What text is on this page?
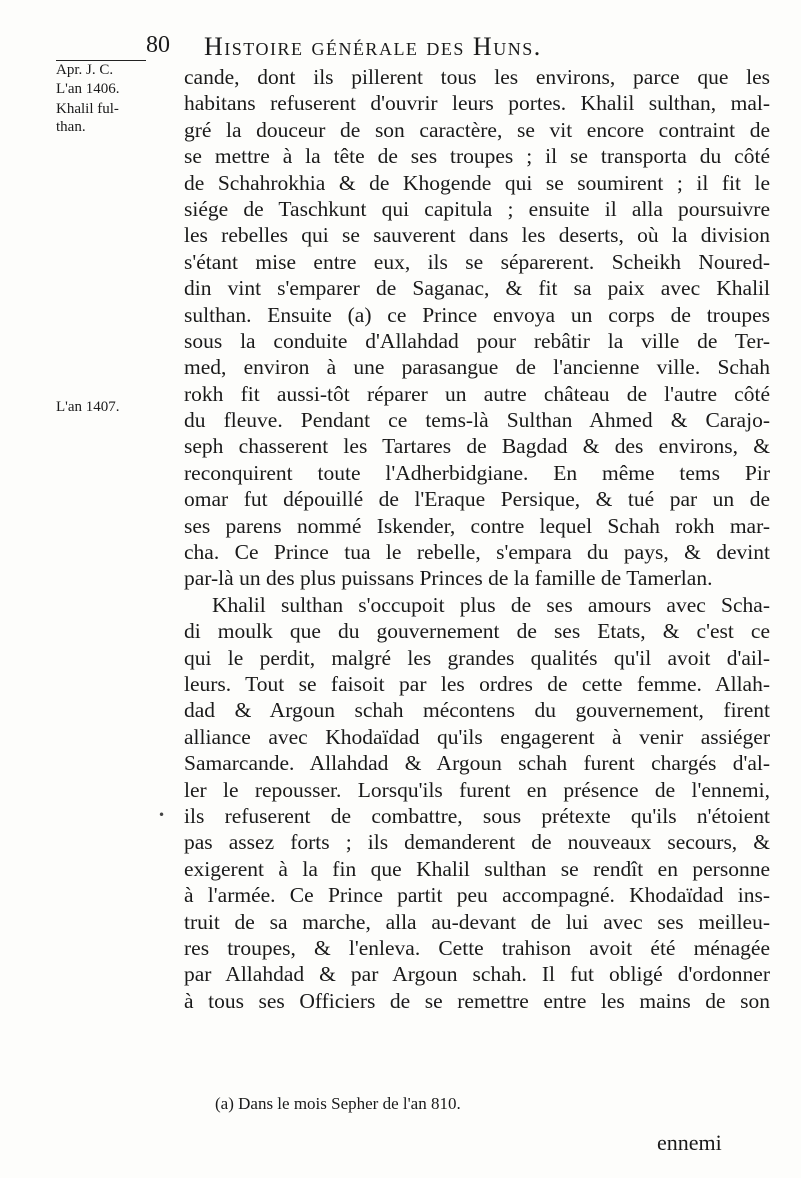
80 Histoire générale des Huns.
Apr. J. C.
L'an 1406.
Khalil ful-
than.
L'an 1407.
cande, dont ils pillerent tous les environs, parce que les
habitans refuserent d'ouvrir leurs portes. Khalil sulthan, mal-
gré la douceur de son caractère, se vit encore contraint de
se mettre à la tête de ses troupes ; il se transporta du côté
de Schahrokhia & de Khogende qui se soumirent ; il fit le
siége de Taschkunt qui capitula ; ensuite il alla poursuivre
les rebelles qui se sauverent dans les deserts, où la division
s'étant mise entre eux, ils se séparerent. Scheikh Noured-
din vint s'emparer de Saganac, & fit sa paix avec Khalil
sulthan. Ensuite (a) ce Prince envoya un corps de troupes
sous la conduite d'Allahdad pour rebâtir la ville de Ter-
med, environ à une parasangue de l'ancienne ville. Schah
rokh fit aussi-tôt réparer un autre château de l'autre côté
du fleuve. Pendant ce tems-là Sulthan Ahmed & Carajo-
seph chasserent les Tartares de Bagdad & des environs, &
reconquirent toute l'Adherbidgiane. En même tems Pir
omar fut dépouillé de l'Eraque Persique, & tué par un de
ses parens nommé Iskender, contre lequel Schah rokh mar-
cha. Ce Prince tua le rebelle, s'empara du pays, & devint
par-là un des plus puissans Princes de la famille de Tamerlan.
Khalil sulthan s'occupoit plus de ses amours avec Scha-
di moulk que du gouvernement de ses Etats, & c'est ce
qui le perdit, malgré les grandes qualités qu'il avoit d'ail-
leurs. Tout se faisoit par les ordres de cette femme. Allah-
dad & Argoun schah mécontens du gouvernement, firent
alliance avec Khodaïdad qu'ils engagerent à venir assiéger
Samarcande. Allahdad & Argoun schah furent chargés d'al-
ler le repousser. Lorsqu'ils furent en présence de l'ennemi,
ils refuserent de combattre, sous prétexte qu'ils n'étoient
pas assez forts ; ils demanderent de nouveaux secours, &
exigerent à la fin que Khalil sulthan se rendît en personne
à l'armée. Ce Prince partit peu accompagné. Khodaïdad ins-
truit de sa marche, alla au-devant de lui avec ses meilleu-
res troupes, & l'enleva. Cette trahison avoit été ménagée
par Allahdad & par Argoun schah. Il fut obligé d'ordonner
à tous ses Officiers de se remettre entre les mains de son
•
(a) Dans le mois Sepher de l'an 810.
ennemi
